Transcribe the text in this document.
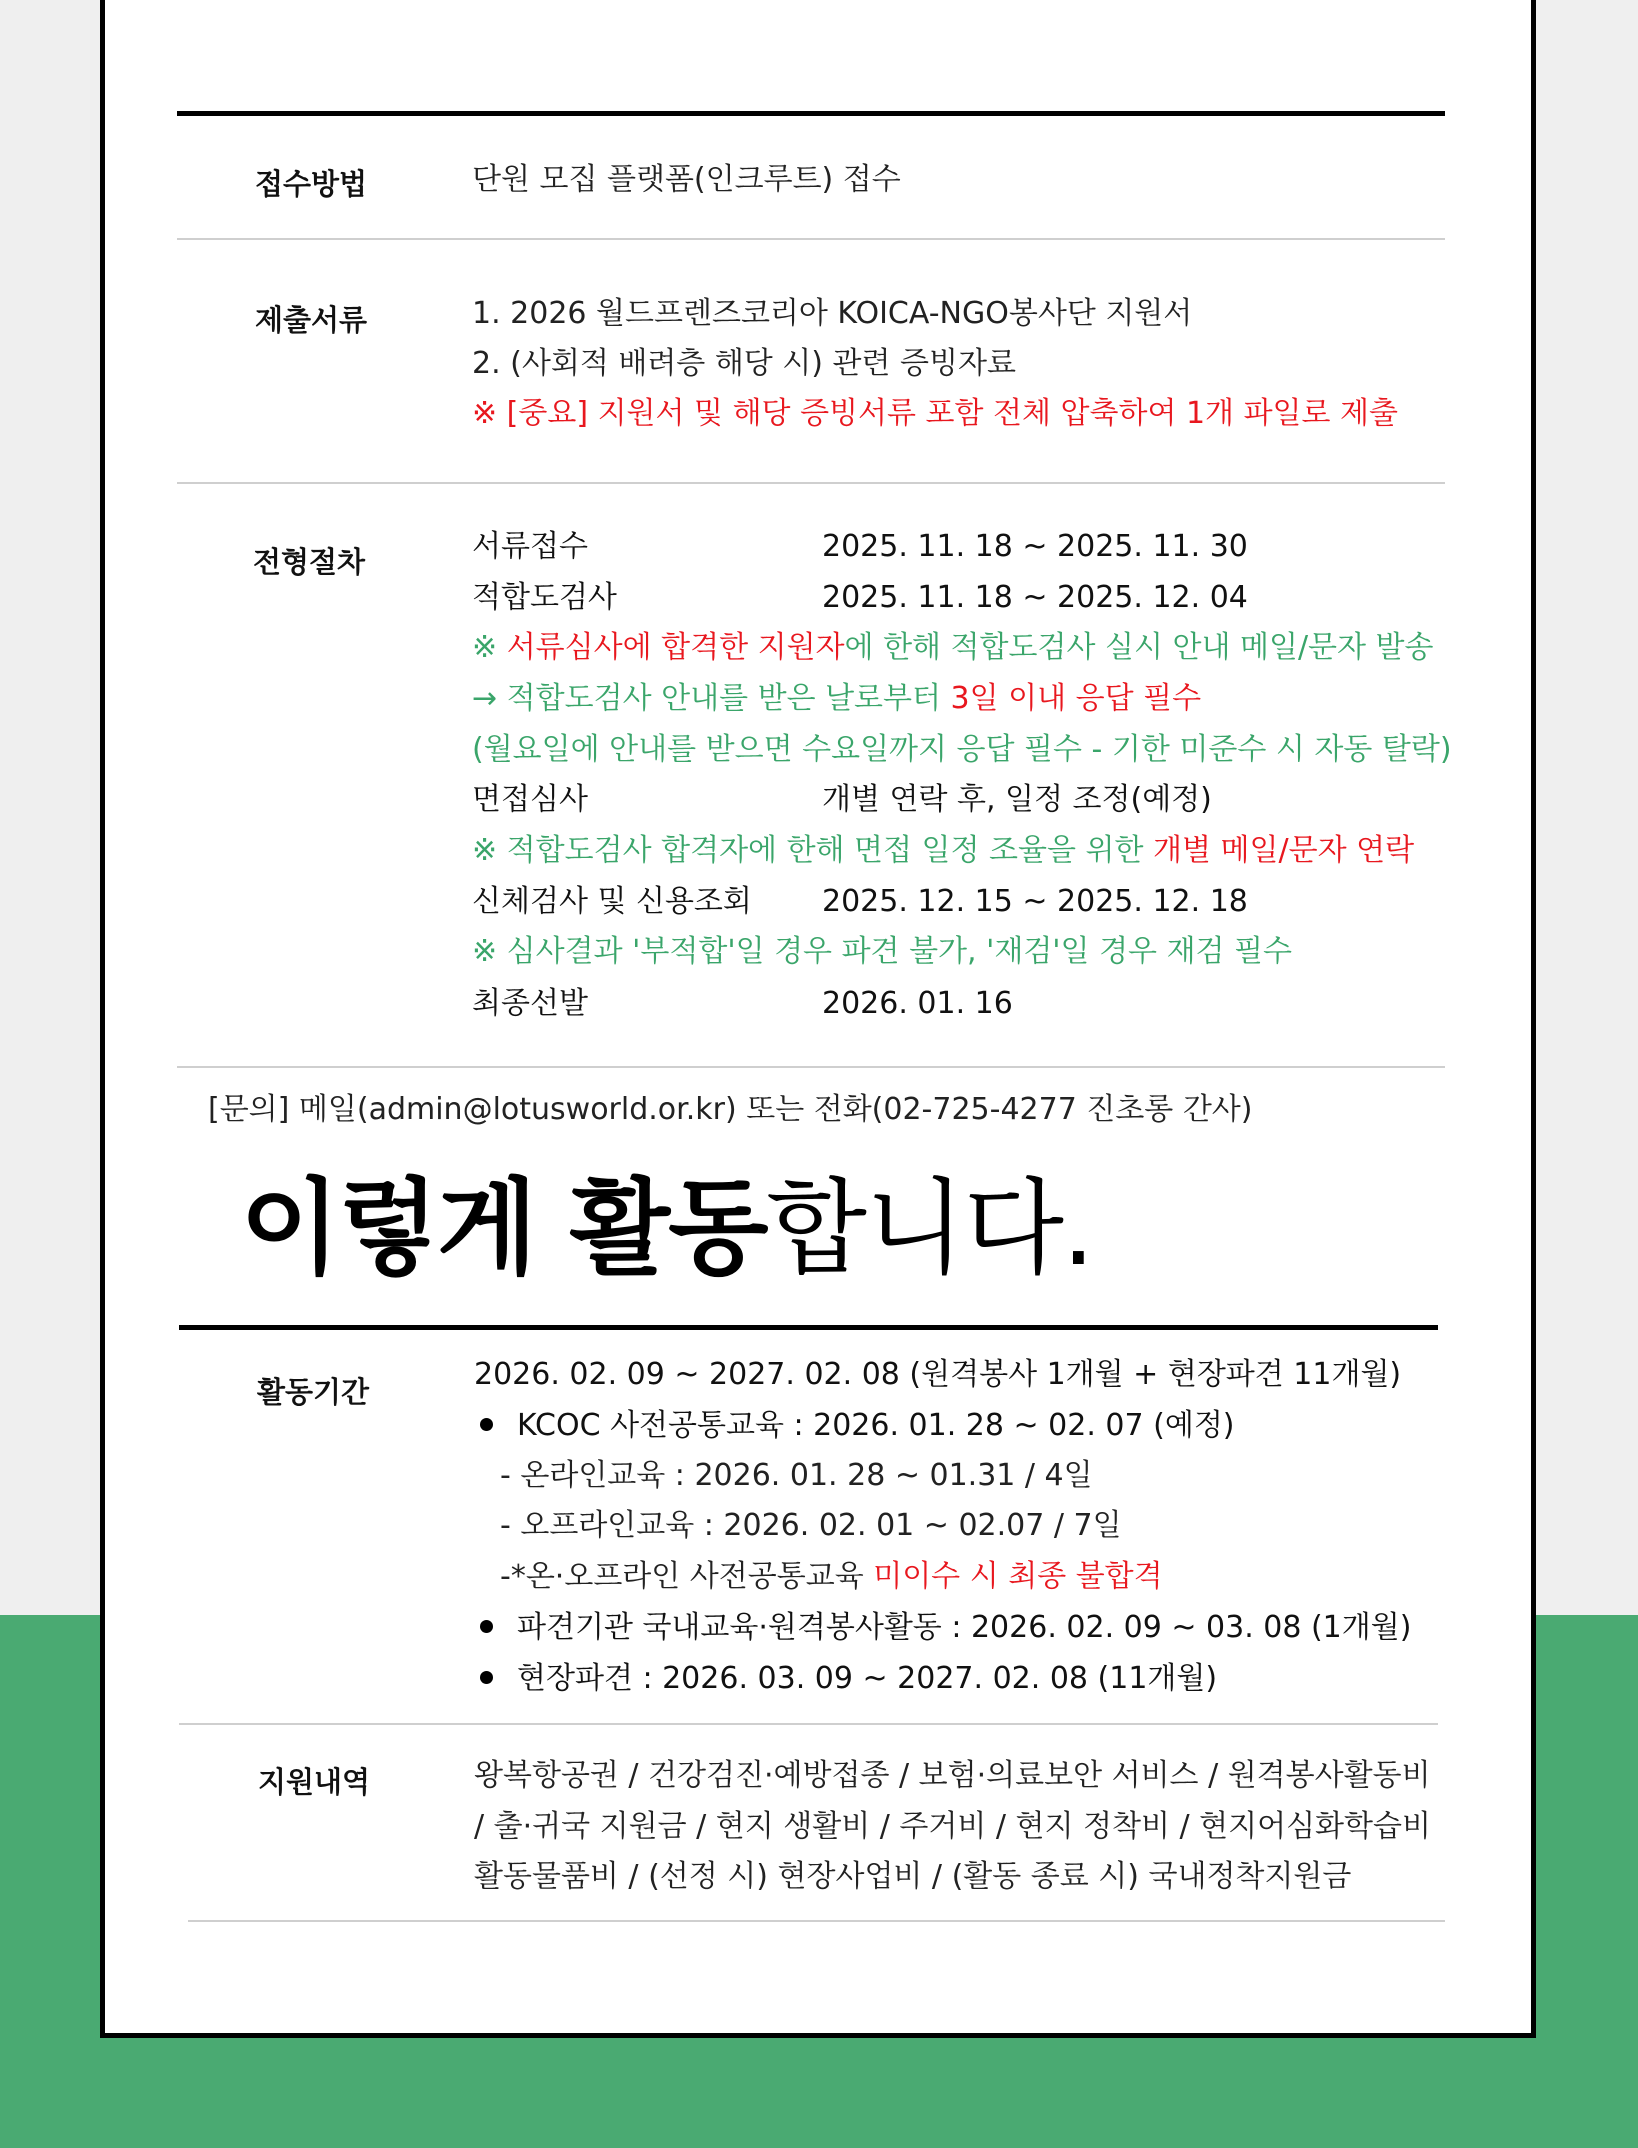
접수방법	단원 모집 플랫폼(인크루트) 접수
제출서류	1. 2026 월드프렌즈코리아 KOICA-NGO봉사단 지원서
2. (사회적 배려층 해당 시) 관련 증빙자료
※ [중요] 지원서 및 해당 증빙서류 포함 전체 압축하여 1개 파일로 제출
전형절차	서류접수	2025. 11. 18 ~ 2025. 11. 30
적합도검사	2025. 11. 18 ~ 2025. 12. 04
※ 서류심사에 합격한 지원자에 한해 적합도검사 실시 안내 메일/문자 발송
→ 적합도검사 안내를 받은 날로부터 3일 이내 응답 필수
(월요일에 안내를 받으면 수요일까지 응답 필수 - 기한 미준수 시 자동 탈락)
면접심사	개별 연락 후, 일정 조정(예정)
※ 적합도검사 합격자에 한해 면접 일정 조율을 위한 개별 메일/문자 연락
신체검사 및 신용조회 2025. 12. 15 ~ 2025. 12. 18
※ 심사결과 '부적합'일 경우 파견 불가, '재검'일 경우 재검 필수
최종선발	2026. 01. 16
[문의] 메일(admin@lotusworld.or.kr) 또는 전화(02-725-4277 진초롱 간사)
이렇게 활동합니다.
활동기간	2026. 02. 09 ~ 2027. 02. 08 (원격봉사 1개월 + 현장파견 11개월)
KCOC 사전공통교육 : 2026. 01. 28 ~ 02. 07 (예정)
- 온라인교육 : 2026. 01. 28 ~ 01.31 / 4일
- 오프라인교육 : 2026. 02. 01 ~ 02.07 / 7일
-*온·오프라인 사전공통교육 미이수 시 최종 불합격
파견기관 국내교육·원격봉사활동 : 2026. 02. 09 ~ 03. 08 (1개월)
현장파견 : 2026. 03. 09 ~ 2027. 02. 08 (11개월)
지원내역	왕복항공권 / 건강검진·예방접종 / 보험·의료보안 서비스 / 원격봉사활동비
/ 출·귀국 지원금 / 현지 생활비 / 주거비 / 현지 정착비 / 현지어심화학습비
활동물품비 / (선정 시) 현장사업비 / (활동 종료 시) 국내정착지원금
